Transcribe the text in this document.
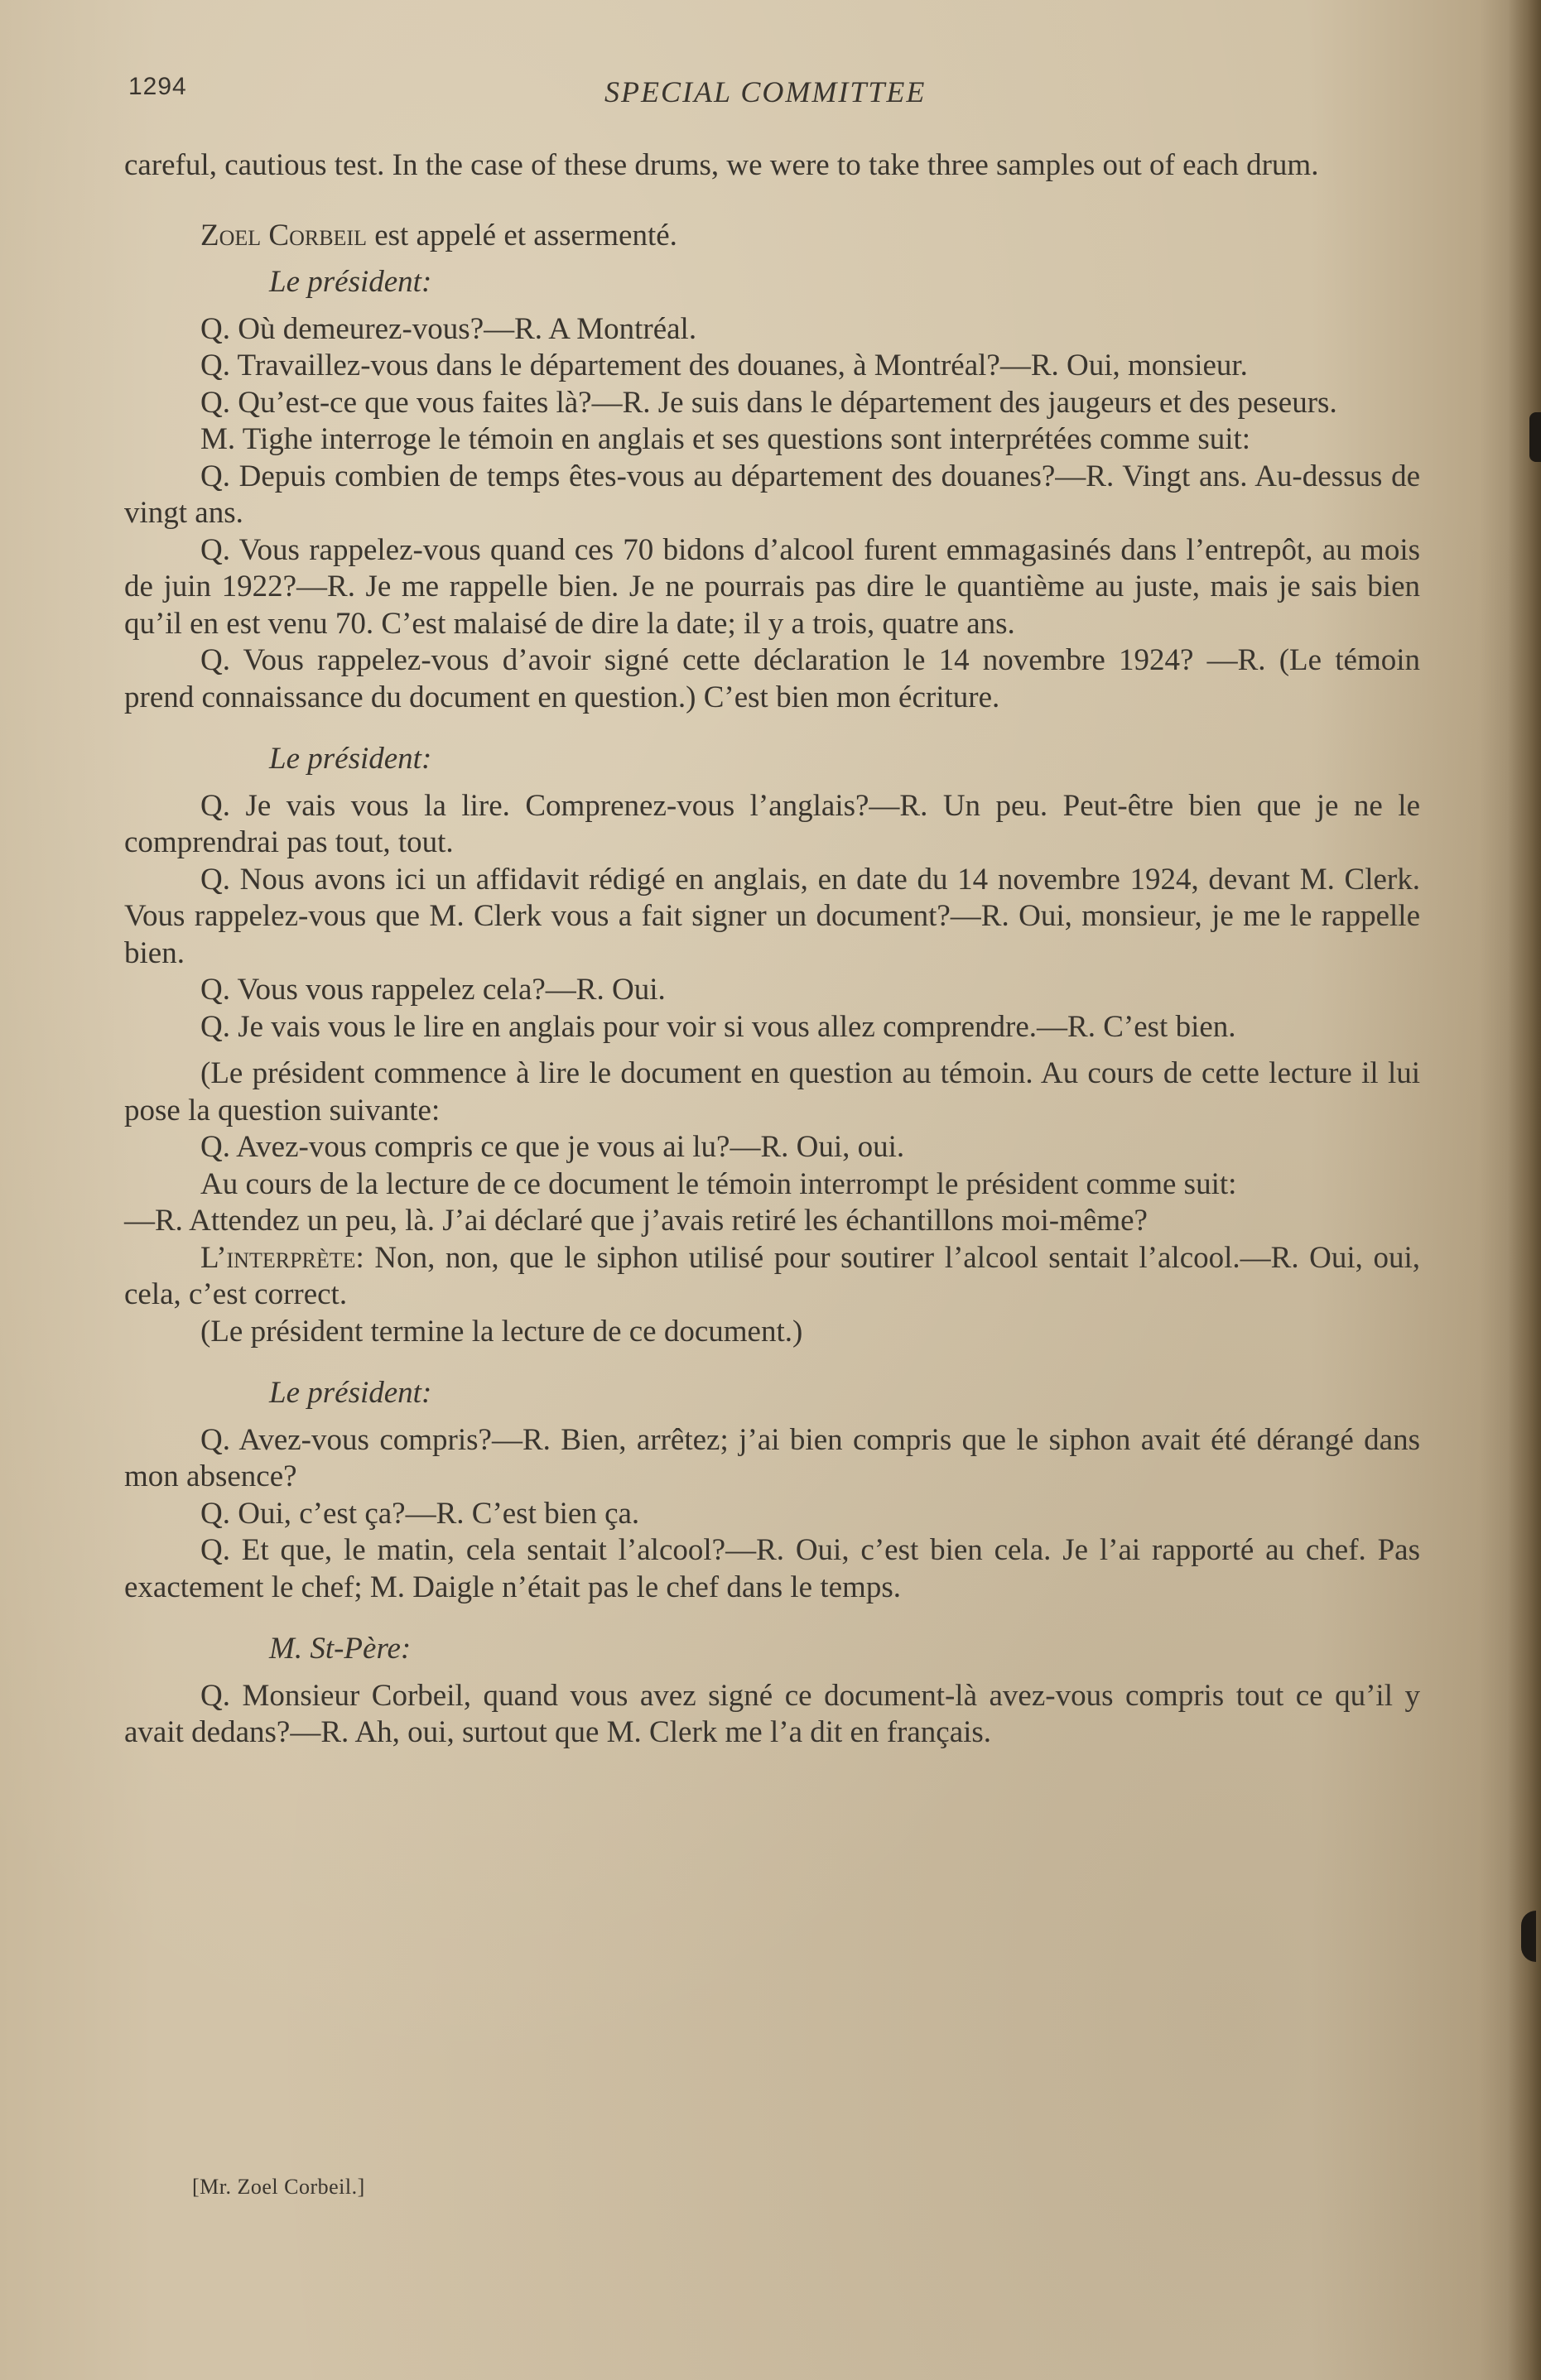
1294	SPECIAL COMMITTEE

careful, cautious test. In the case of these drums, we were to take three samples out of each drum.

Zoel Corbeil est appelé et assermenté.

Le président:

Q. Où demeurez-vous?—R. A Montréal.

Q. Travaillez-vous dans le département des douanes, à Montréal?—R. Oui, monsieur.

Q. Qu’est-ce que vous faites là?—R. Je suis dans le département des jaugeurs et des peseurs.

M. Tighe interroge le témoin en anglais et ses questions sont interprétées comme suit:

Q. Depuis combien de temps êtes-vous au département des douanes?—R. Vingt ans. Au-dessus de vingt ans.

Q. Vous rappelez-vous quand ces 70 bidons d’alcool furent emmagasinés dans l’entrepôt, au mois de juin 1922?—R. Je me rappelle bien. Je ne pourrais pas dire le quantième au juste, mais je sais bien qu’il en est venu 70. C’est malaisé de dire la date; il y a trois, quatre ans.

Q. Vous rappelez-vous d’avoir signé cette déclaration le 14 novembre 1924? —R. (Le témoin prend connaissance du document en question.) C’est bien mon écriture.

Le président:

Q. Je vais vous la lire. Comprenez-vous l’anglais?—R. Un peu. Peut-être bien que je ne le comprendrai pas tout, tout.

Q. Nous avons ici un affidavit rédigé en anglais, en date du 14 novembre 1924, devant M. Clerk. Vous rappelez-vous que M. Clerk vous a fait signer un document?—R. Oui, monsieur, je me le rappelle bien.

Q. Vous vous rappelez cela?—R. Oui.

Q. Je vais vous le lire en anglais pour voir si vous allez comprendre.—R. C’est bien.

(Le président commence à lire le document en question au témoin. Au cours de cette lecture il lui pose la question suivante:

Q. Avez-vous compris ce que je vous ai lu?—R. Oui, oui.

Au cours de la lecture de ce document le témoin interrompt le président comme suit:

—R. Attendez un peu, là. J’ai déclaré que j’avais retiré les échantillons moi-même?

L’interprète: Non, non, que le siphon utilisé pour soutirer l’alcool sentait l’alcool.—R. Oui, oui, cela, c’est correct.

(Le président termine la lecture de ce document.)

Le président:

Q. Avez-vous compris?—R. Bien, arrêtez; j’ai bien compris que le siphon avait été dérangé dans mon absence?

Q. Oui, c’est ça?—R. C’est bien ça.

Q. Et que, le matin, cela sentait l’alcool?—R. Oui, c’est bien cela. Je l’ai rapporté au chef. Pas exactement le chef; M. Daigle n’était pas le chef dans le temps.

M. St-Père:

Q. Monsieur Corbeil, quand vous avez signé ce document-là avez-vous compris tout ce qu’il y avait dedans?—R. Ah, oui, surtout que M. Clerk me l’a dit en français.

[Mr. Zoel Corbeil.]
